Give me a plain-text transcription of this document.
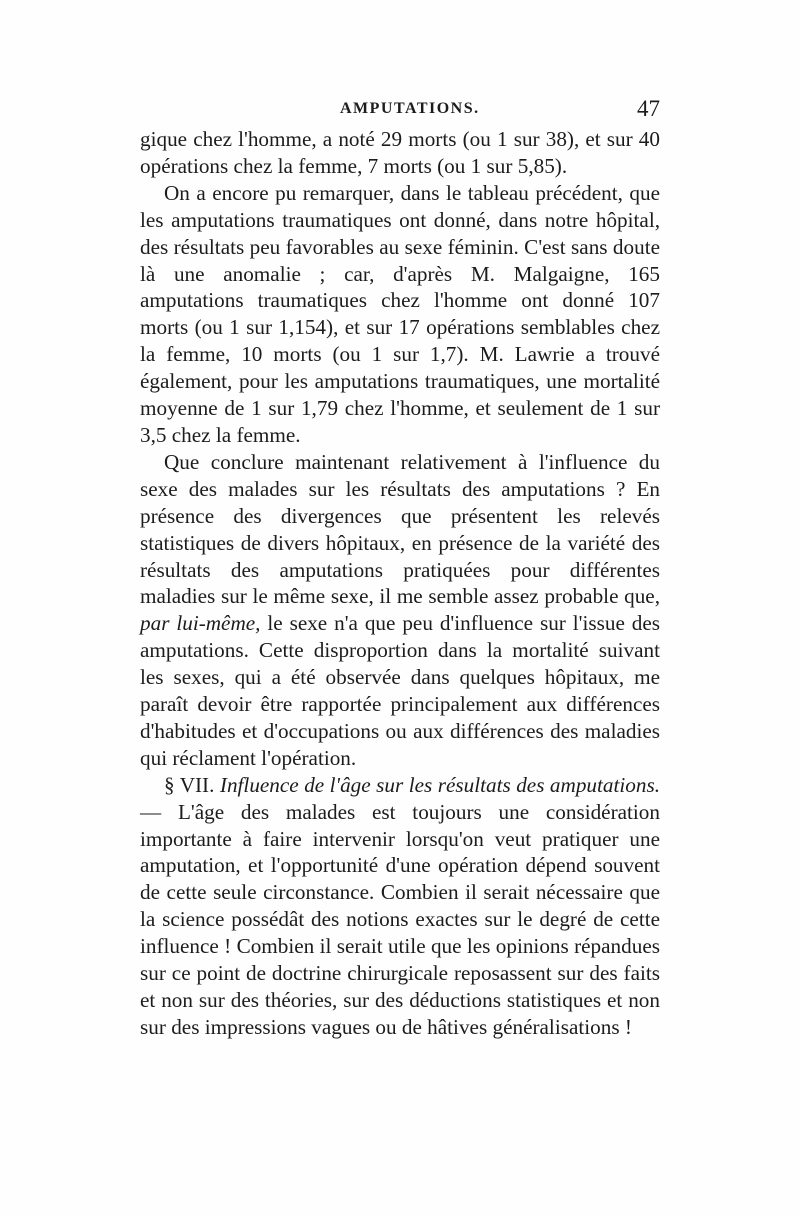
AMPUTATIONS.	47

gique chez l'homme, a noté 29 morts (ou 1 sur 38), et sur 40 opérations chez la femme, 7 morts (ou 1 sur 5,85).

On a encore pu remarquer, dans le tableau précédent, que les amputations traumatiques ont donné, dans notre hôpital, des résultats peu favorables au sexe féminin. C'est sans doute là une anomalie ; car, d'après M. Malgaigne, 165 amputations traumatiques chez l'homme ont donné 107 morts (ou 1 sur 1,154), et sur 17 opérations semblables chez la femme, 10 morts (ou 1 sur 1,7). M. Lawrie a trouvé également, pour les amputations traumatiques, une mortalité moyenne de 1 sur 1,79 chez l'homme, et seulement de 1 sur 3,5 chez la femme.

Que conclure maintenant relativement à l'influence du sexe des malades sur les résultats des amputations ? En présence des divergences que présentent les relevés statistiques de divers hôpitaux, en présence de la variété des résultats des amputations pratiquées pour différentes maladies sur le même sexe, il me semble assez probable que, par lui-même, le sexe n'a que peu d'influence sur l'issue des amputations. Cette disproportion dans la mortalité suivant les sexes, qui a été observée dans quelques hôpitaux, me paraît devoir être rapportée principalement aux différences d'habitudes et d'occupations ou aux différences des maladies qui réclament l'opération.

§ VII. Influence de l'âge sur les résultats des amputations. — L'âge des malades est toujours une considération importante à faire intervenir lorsqu'on veut pratiquer une amputation, et l'opportunité d'une opération dépend souvent de cette seule circonstance. Combien il serait nécessaire que la science possédât des notions exactes sur le degré de cette influence ! Combien il serait utile que les opinions répandues sur ce point de doctrine chirurgicale reposassent sur des faits et non sur des théories, sur des déductions statistiques et non sur des impressions vagues ou de hâtives généralisations !
